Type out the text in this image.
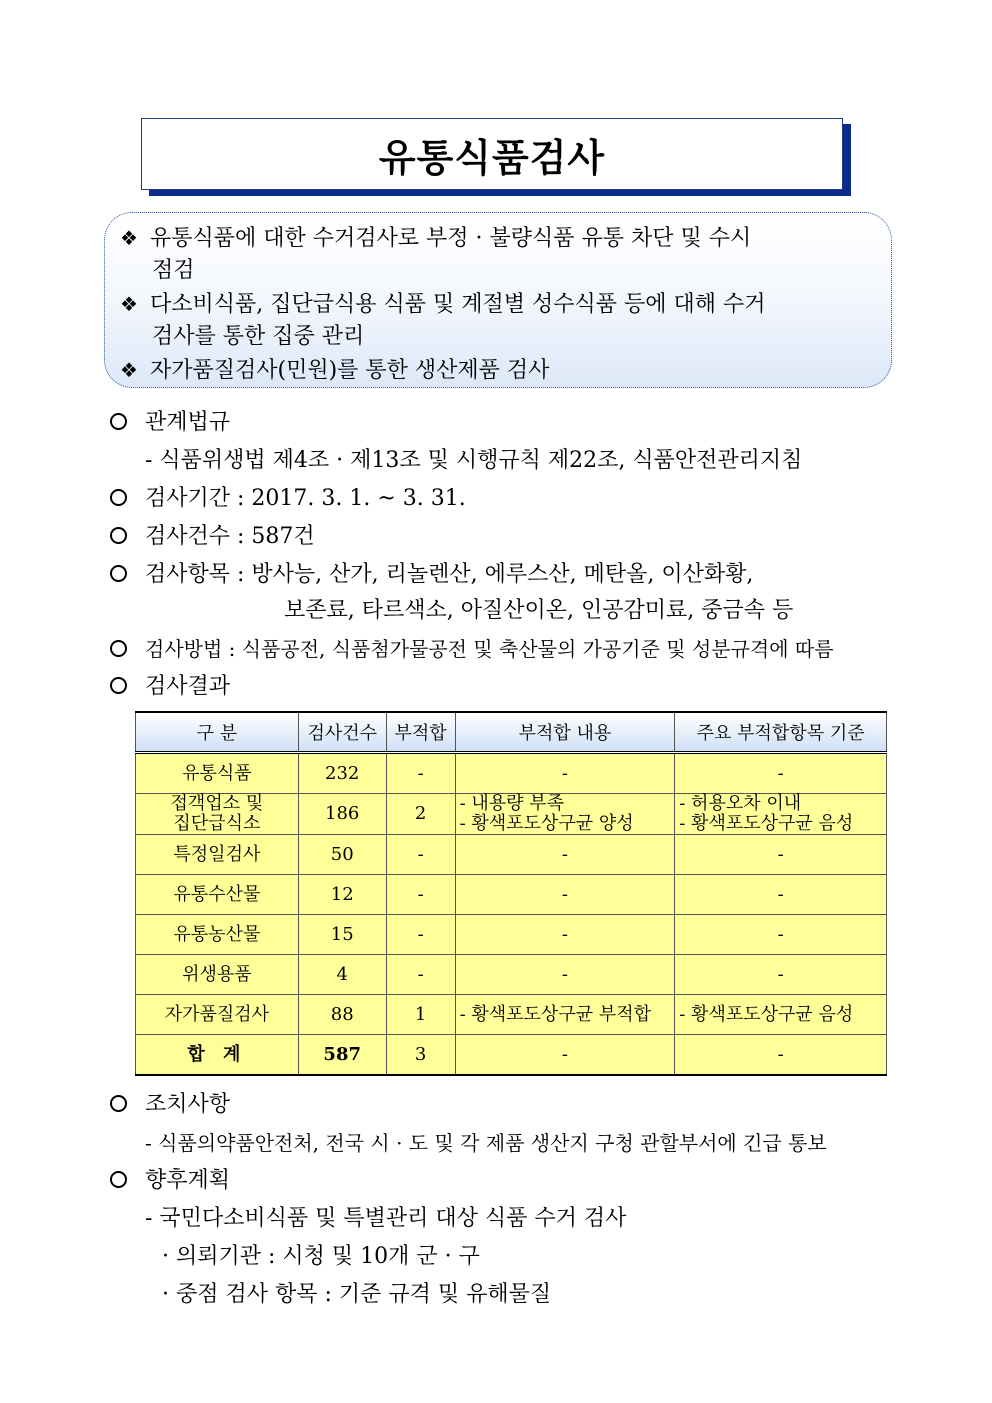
유통식품검사
❖ 유통식품에 대한 수거검사로 부정 · 불량식품 유통 차단 및 수시
점검
❖ 다소비식품, 집단급식용 식품 및 계절별 성수식품 등에 대해 수거
검사를 통한 집중 관리
❖ 자가품질검사(민원)를 통한 생산제품 검사
관계법규
- 식품위생법 제4조 · 제13조 및 시행규칙 제22조, 식품안전관리지침
검사기간 : 2017. 3. 1. ~ 3. 31.
검사건수 : 587건
검사항목 : 방사능, 산가, 리놀렌산, 에루스산, 메탄올, 이산화황,
보존료, 타르색소, 아질산이온, 인공감미료, 중금속 등
검사방법 : 식품공전, 식품첨가물공전 및 축산물의 가공기준 및 성분규격에 따름
검사결과
구 분	검사건수	부적합	부적합 내용	주요 부적합항목 기준

유통식품	232	-	-	-

접객업소 및
집단급식소	186	2	- 내용량 부족
- 황색포도상구균 양성	- 허용오차 이내
- 황색포도상구균 음성

특정일검사	50	-	-	-

유통수산물	12	-	-	-

유통농산물	15	-	-	-

위생용품	4	-	-	-

자가품질검사	88	1	- 황색포도상구균 부적합	- 황색포도상구균 음성

합 계	587	3	-	-
조치사항
- 식품의약품안전처, 전국 시 · 도 및 각 제품 생산지 구청 관할부서에 긴급 통보
향후계획
- 국민다소비식품 및 특별관리 대상 식품 수거 검사
· 의뢰기관 : 시청 및 10개 군 · 구
· 중점 검사 항목 : 기준 규격 및 유해물질
